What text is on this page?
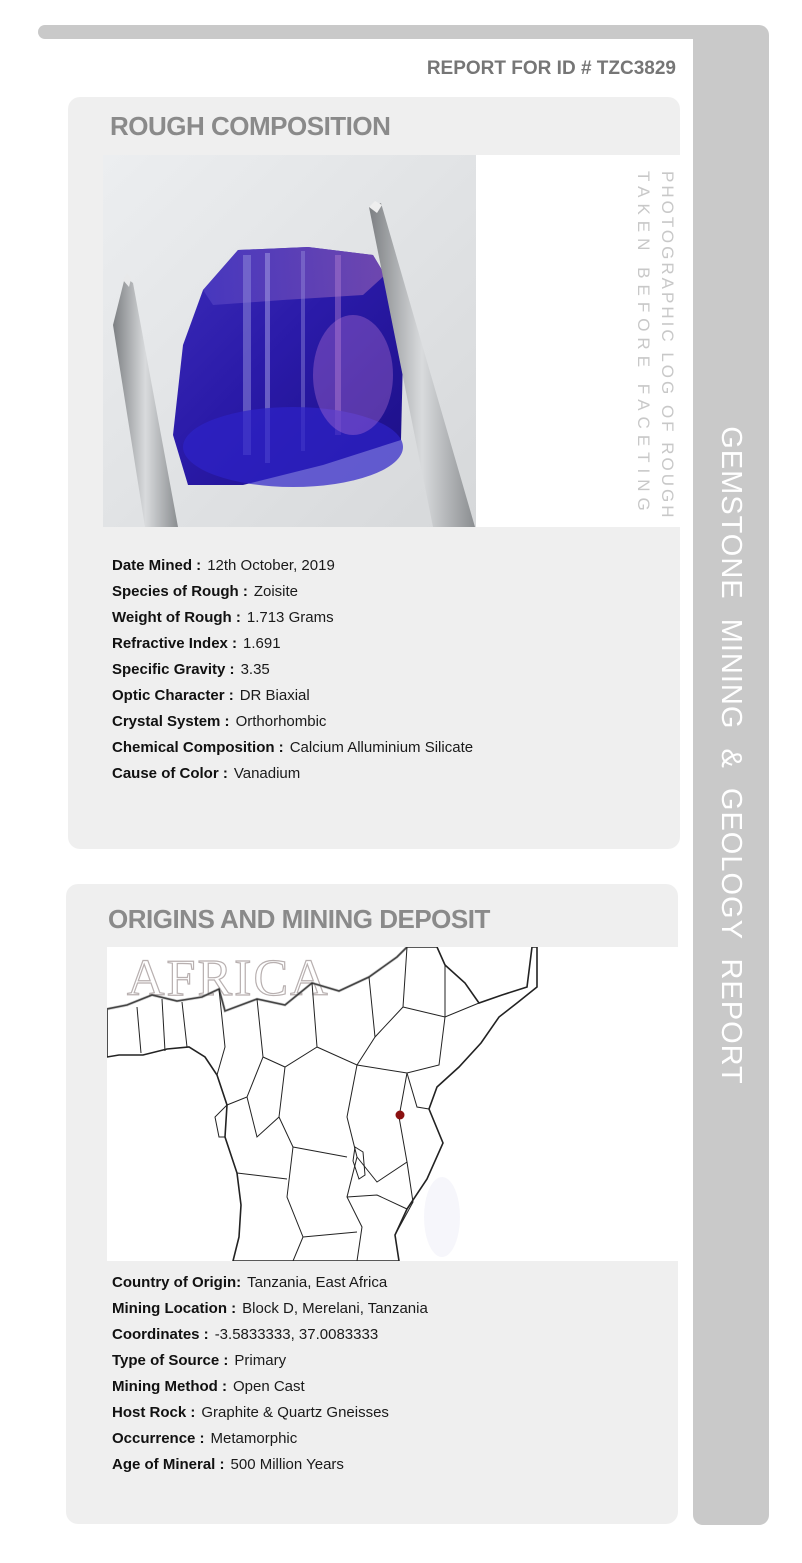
GEMSTONE MINING & GEOLOGY REPORT
REPORT FOR ID # TZC3829
ROUGH COMPOSITION
PHOTOGRAPHIC LOG OF ROUGH
TAKEN BEFORE FACETING
Date Mined : 12th October, 2019
Species of Rough : Zoisite
Weight of Rough : 1.713 Grams
Refractive Index : 1.691
Specific Gravity : 3.35
Optic Character : DR Biaxial
Crystal System : Orthorhombic
Chemical Composition : Calcium Alluminium Silicate
Cause of Color : Vanadium
ORIGINS AND MINING DEPOSIT
AFRICA
Country of Origin: Tanzania, East Africa
Mining Location : Block D, Merelani, Tanzania
Coordinates : -3.5833333, 37.0083333
Type of Source : Primary
Mining Method : Open Cast
Host Rock : Graphite & Quartz Gneisses
Occurrence : Metamorphic
Age of Mineral : 500 Million Years
